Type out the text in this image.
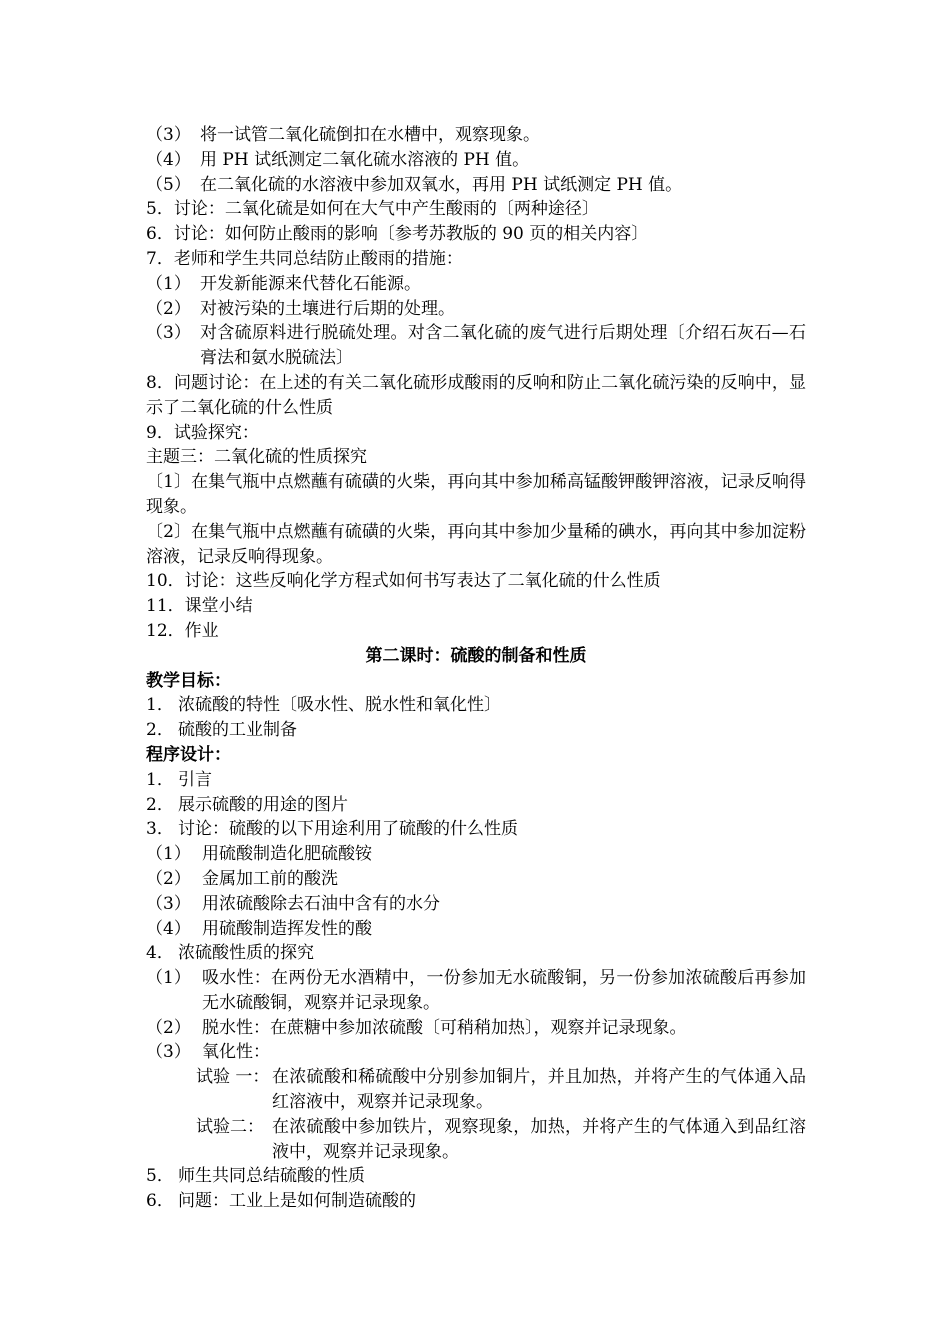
（3） 将一试管二氧化硫倒扣在水槽中，观察现象。
（4） 用 PH 试纸测定二氧化硫水溶液的 PH 值。
（5） 在二氧化硫的水溶液中参加双氧水，再用 PH 试纸测定 PH 值。
5．讨论：二氧化硫是如何在大气中产生酸雨的〔两种途径〕
6．讨论：如何防止酸雨的影响〔参考苏教版的 90 页的相关内容〕
7．老师和学生共同总结防止酸雨的措施：
（1） 开发新能源来代替化石能源。
（2） 对被污染的土壤进行后期的处理。
（3） 对含硫原料进行脱硫处理。对含二氧化硫的废气进行后期处理〔介绍石灰石—石膏法和氨水脱硫法〕
8．问题讨论：在上述的有关二氧化硫形成酸雨的反响和防止二氧化硫污染的反响中，显示了二氧化硫的什么性质
9．试验探究：
主题三：二氧化硫的性质探究
〔1〕在集气瓶中点燃蘸有硫磺的火柴，再向其中参加稀高锰酸钾酸钾溶液，记录反响得现象。
〔2〕在集气瓶中点燃蘸有硫磺的火柴，再向其中参加少量稀的碘水，再向其中参加淀粉溶液，记录反响得现象。
10．讨论：这些反响化学方程式如何书写表达了二氧化硫的什么性质
11．课堂小结
12．作业
第二课时：硫酸的制备和性质
教学目标：
1． 浓硫酸的特性〔吸水性、脱水性和氧化性〕
2． 硫酸的工业制备
程序设计：
1． 引言
2． 展示硫酸的用途的图片
3． 讨论：硫酸的以下用途利用了硫酸的什么性质
（1） 用硫酸制造化肥硫酸铵
（2） 金属加工前的酸洗
（3） 用浓硫酸除去石油中含有的水分
（4） 用硫酸制造挥发性的酸
4． 浓硫酸性质的探究
（1） 吸水性：在两份无水酒精中，一份参加无水硫酸铜，另一份参加浓硫酸后再参加无水硫酸铜，观察并记录现象。
（2） 脱水性：在蔗糖中参加浓硫酸〔可稍稍加热〕，观察并记录现象。
（3） 氧化性：
试验 一： 在浓硫酸和稀硫酸中分别参加铜片，并且加热，并将产生的气体通入品红溶液中，观察并记录现象。
试验二： 在浓硫酸中参加铁片，观察现象，加热，并将产生的气体通入到品红溶液中，观察并记录现象。
5． 师生共同总结硫酸的性质
6． 问题：工业上是如何制造硫酸的
